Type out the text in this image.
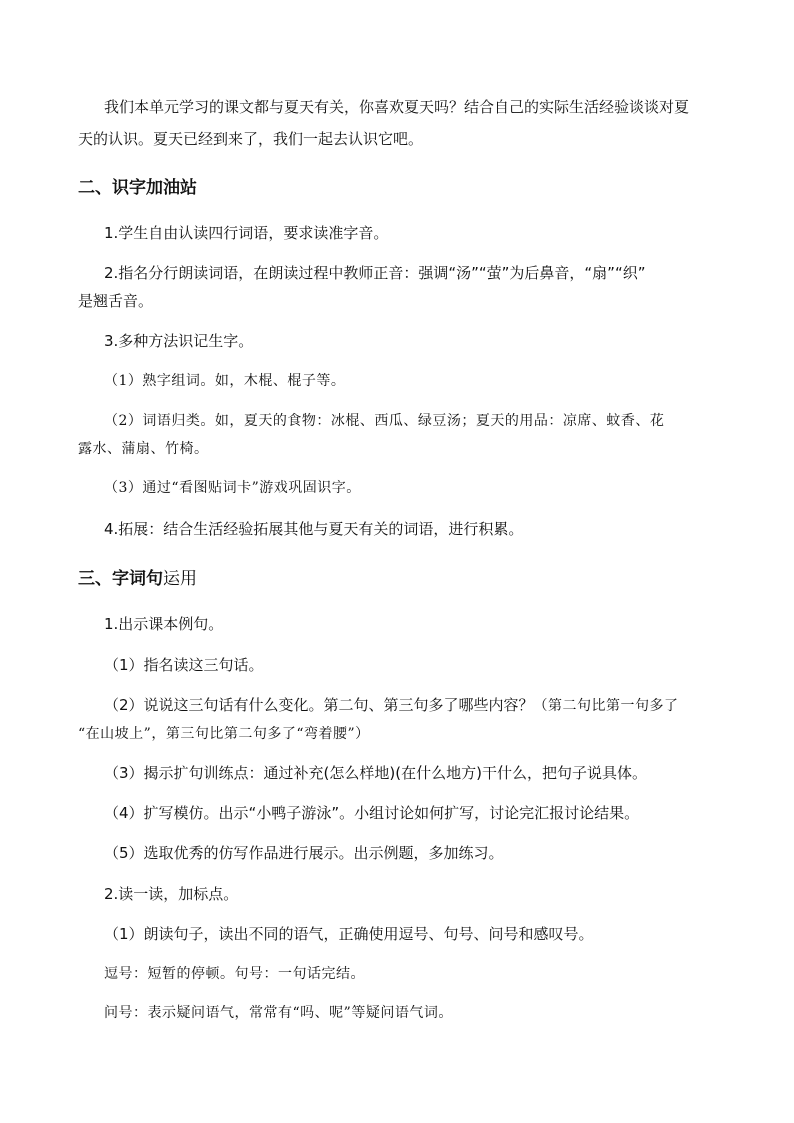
我们本单元学习的课文都与夏天有关，你喜欢夏天吗？结合自己的实际生活经验谈谈对夏
天的认识。夏天已经到来了，我们一起去认识它吧。
二、识字加油站
1.学生自由认读四行词语，要求读准字音。
2.指名分行朗读词语，在朗读过程中教师正音：强调“汤”“萤”为后鼻音，“扇”“织”
是翘舌音。
3.多种方法识记生字。
（1）熟字组词。如，木棍、棍子等。
（2）词语归类。如，夏天的食物：冰棍、西瓜、绿豆汤；夏天的用品：凉席、蚊香、花
露水、蒲扇、竹椅。
（3）通过“看图贴词卡”游戏巩固识字。
4.拓展：结合生活经验拓展其他与夏天有关的词语，进行积累。
三、字词句运用
1.出示课本例句。
（1）指名读这三句话。
（2）说说这三句话有什么变化。第二句、第三句多了哪些内容？（第二句比第一句多了
“在山坡上”，第三句比第二句多了“弯着腰”）
（3）揭示扩句训练点：通过补充(怎么样地)(在什么地方)干什么，把句子说具体。
（4）扩写模仿。出示“小鸭子游泳”。小组讨论如何扩写，讨论完汇报讨论结果。
（5）选取优秀的仿写作品进行展示。出示例题，多加练习。
2.读一读，加标点。
（1）朗读句子，读出不同的语气，正确使用逗号、句号、问号和感叹号。
逗号：短暂的停顿。句号：一句话完结。
问号：表示疑问语气，常常有“吗、呢”等疑问语气词。
